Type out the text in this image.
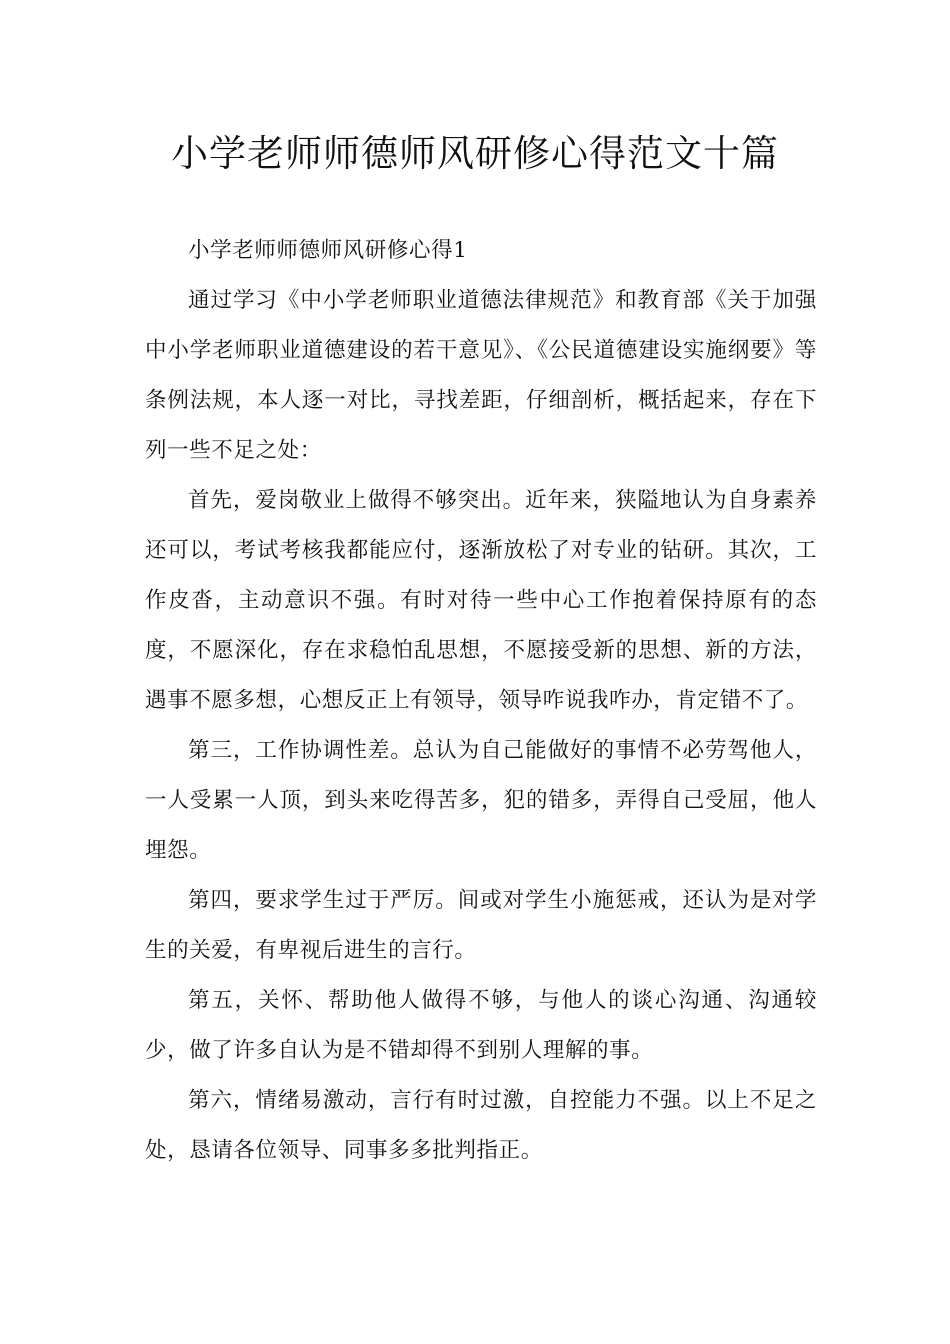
小学老师师德师风研修心得范文十篇

小学老师师德师风研修心得1

通过学习《中小学老师职业道德法律规范》和教育部《关于加强中小学老师职业道德建设的若干意见》、《公民道德建设实施纲要》等条例法规，本人逐一对比，寻找差距，仔细剖析，概括起来，存在下列一些不足之处：

首先，爱岗敬业上做得不够突出。近年来，狭隘地认为自身素养还可以，考试考核我都能应付，逐渐放松了对专业的钻研。其次，工作皮沓，主动意识不强。有时对待一些中心工作抱着保持原有的态度，不愿深化，存在求稳怕乱思想，不愿接受新的思想、新的方法，遇事不愿多想，心想反正上有领导，领导咋说我咋办，肯定错不了。

第三，工作协调性差。总认为自己能做好的事情不必劳驾他人，一人受累一人顶，到头来吃得苦多，犯的错多，弄得自己受屈，他人埋怨。

第四，要求学生过于严厉。间或对学生小施惩戒，还认为是对学生的关爱，有卑视后进生的言行。

第五，关怀、帮助他人做得不够，与他人的谈心沟通、沟通较少，做了许多自认为是不错却得不到别人理解的事。

第六，情绪易激动，言行有时过激，自控能力不强。以上不足之处，恳请各位领导、同事多多批判指正。
